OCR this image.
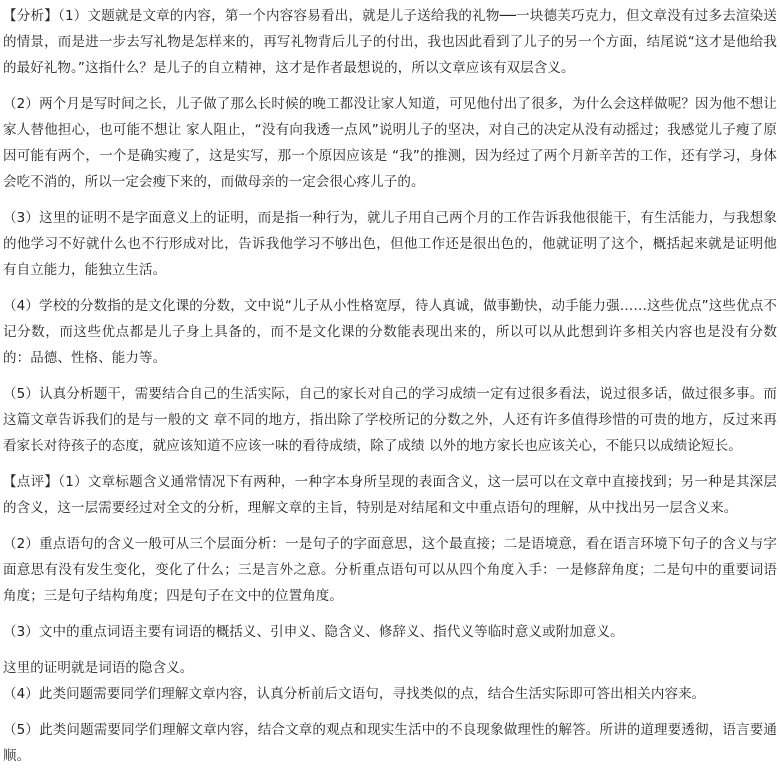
【分析】（1）文题就是文章的内容，第一个内容容易看出，就是儿子送给我的礼物──一块德芙巧克力，但文章没有过多去渲染送的情景，而是进一步去写礼物是怎样来的，再写礼物背后儿子的付出，我也因此看到了儿子的另一个方面，结尾说“这才是他给我的最好礼物。”这指什么？是儿子的自立精神，这才是作者最想说的，所以文章应该有双层含义。

（2）两个月是写时间之长，儿子做了那么长时候的晚工都没让家人知道，可见他付出了很多，为什么会这样做呢？因为他不想让家人替他担心，也可能不想让 家人阻止，“没有向我透一点风”说明儿子的坚决，对自己的决定从没有动摇过；我感觉儿子瘦了原因可能有两个，一个是确实瘦了，这是实写，那一个原因应该是 “我”的推测，因为经过了两个月新辛苦的工作，还有学习，身体会吃不消的，所以一定会瘦下来的，而做母亲的一定会很心疼儿子的。

（3）这里的证明不是字面意义上的证明，而是指一种行为，就儿子用自己两个月的工作告诉我他很能干，有生活能力，与我想象的他学习不好就什么也不行形成对比，告诉我他学习不够出色，但他工作还是很出色的，他就证明了这个，概括起来就是证明他有自立能力，能独立生活。

（4）学校的分数指的是文化课的分数，文中说“儿子从小性格宽厚，待人真诚，做事勤快，动手能力强……这些优点”这些优点不记分数，而这些优点都是儿子身上具备的，而不是文化课的分数能表现出来的，所以可以从此想到许多相关内容也是没有分数的：品德、性格、能力等。

（5）认真分析题干，需要结合自己的生活实际，自己的家长对自己的学习成绩一定有过很多看法，说过很多话，做过很多事。而这篇文章告诉我们的是与一般的文 章不同的地方，指出除了学校所记的分数之外，人还有许多值得珍惜的可贵的地方，反过来再看家长对待孩子的态度，就应该知道不应该一味的看待成绩，除了成绩 以外的地方家长也应该关心，不能只以成绩论短长。

【点评】（1）文章标题含义通常情况下有两种，一种字本身所呈现的表面含义，这一层可以在文章中直接找到；另一种是其深层的含义，这一层需要经过对全文的分析，理解文章的主旨，特别是对结尾和文中重点语句的理解，从中找出另一层含义来。

（2）重点语句的含义一般可从三个层面分析：一是句子的字面意思，这个最直接；二是语境意，看在语言环境下句子的含义与字面意思有没有发生变化，变化了什么；三是言外之意。分析重点语句可以从四个角度入手：一是修辞角度；二是句中的重要词语角度；三是句子结构角度；四是句子在文中的位置角度。

（3）文中的重点词语主要有词语的概括义、引申义、隐含义、修辞义、指代义等临时意义或附加意义。

这里的证明就是词语的隐含义。

（4）此类问题需要同学们理解文章内容，认真分析前后文语句，寻找类似的点，结合生活实际即可答出相关内容来。

（5）此类问题需要同学们理解文章内容，结合文章的观点和现实生活中的不良现象做理性的解答。所讲的道理要透彻，语言要通顺。
